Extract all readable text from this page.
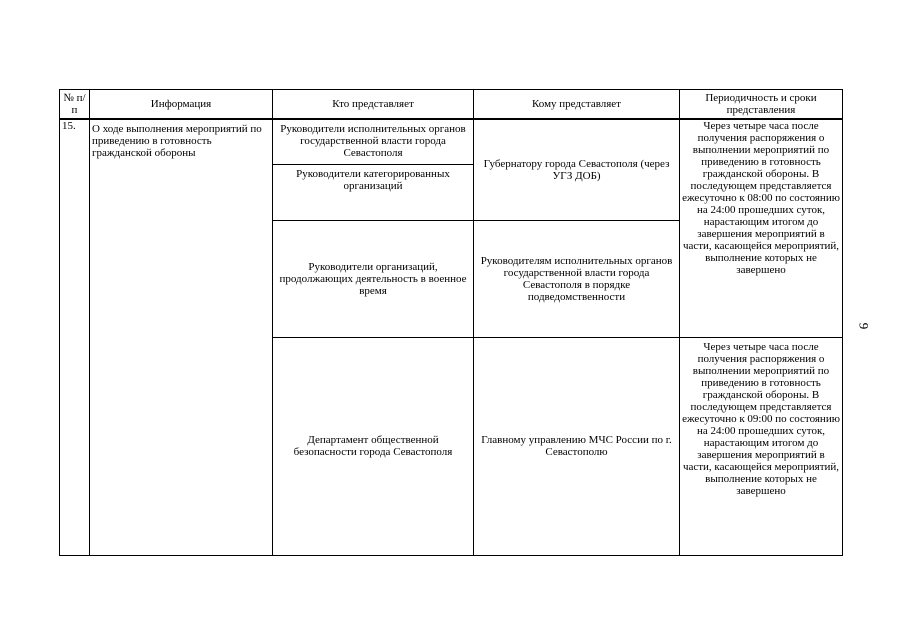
№ п/п	Информация	Кто представляет	Кому представляет	Периодичность и сроки представления
15.	О ходе выполнения мероприятий по приведению в готовность гражданской обороны	Руководители исполнительных органов государственной власти города Севастополя	Губернатору города Севастополя (через УГЗ ДОБ)	Через четыре часа после получения распоряжения о выполнении мероприятий по приведению в готовность гражданской обороны. В последующем представляется ежесуточно к 08:00 по состоянию на 24:00 прошедших суток, нарастающим итогом до завершения мероприятий в части, касающейся мероприятий, выполнение которых не завершено
		Руководители категорированных организаций		
		Руководители организаций, продолжающих деятельность в военное время	Руководителям исполнительных органов государственной власти города Севастополя в порядке подведомственности	
		Департамент общественной безопасности города Севастополя	Главному управлению МЧС России по г. Севастополю	Через четыре часа после получения распоряжения о выполнении мероприятий по приведению в готовность гражданской обороны. В последующем представляется ежесуточно к 09:00 по состоянию на 24:00 прошедших суток, нарастающим итогом до завершения мероприятий в части, касающейся мероприятий, выполнение которых не завершено
9
